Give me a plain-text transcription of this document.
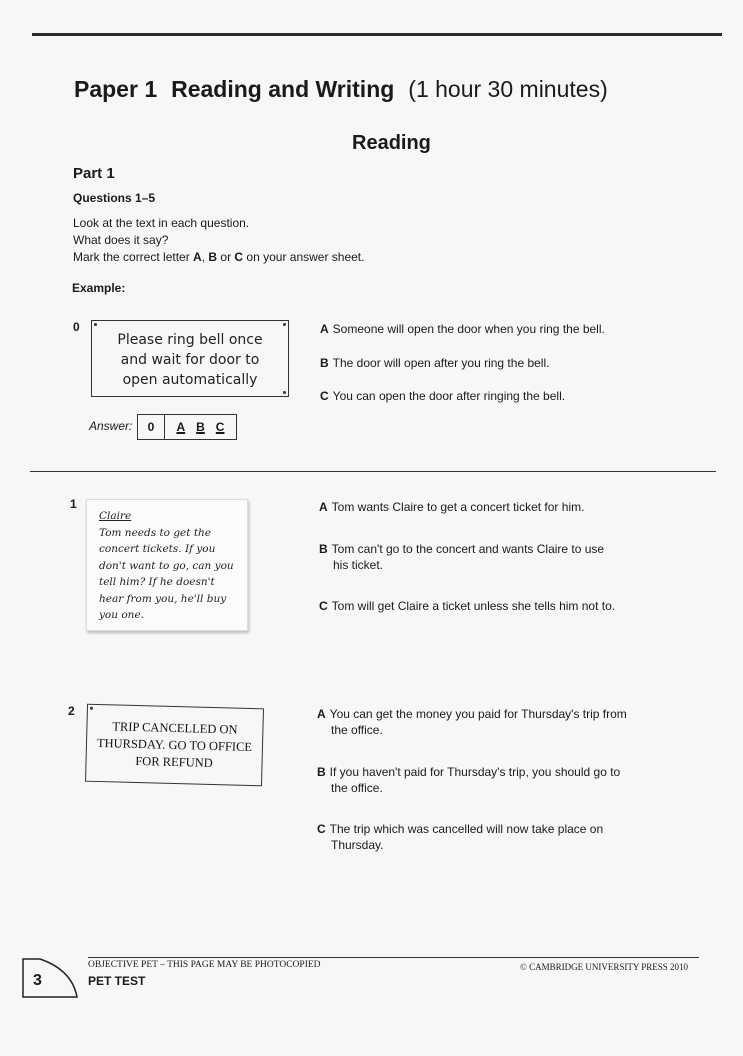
Paper 1 Reading and Writing (1 hour 30 minutes)
Reading
Part 1
Questions 1–5
Look at the text in each question.
What does it say?
Mark the correct letter A, B or C on your answer sheet.
Example:
0
Please ring bell once
and wait for door to
open automatically
A Someone will open the door when you ring the bell.
B The door will open after you ring the bell.
C You can open the door after ringing the bell.
Answer:	0	A B C
1
Claire
Tom needs to get the
concert tickets. If you
don't want to go, can you
tell him? If he doesn't
hear from you, he'll buy
you one.
A Tom wants Claire to get a concert ticket for him.
B Tom can't go to the concert and wants Claire to use
his ticket.
C Tom will get Claire a ticket unless she tells him not to.
2
TRIP CANCELLED ON
THURSDAY. GO TO OFFICE
FOR REFUND
A You can get the money you paid for Thursday's trip from
the office.
B If you haven't paid for Thursday's trip, you should go to
the office.
C The trip which was cancelled will now take place on
Thursday.
OBJECTIVE PET – THIS PAGE MAY BE PHOTOCOPIED	© CAMBRIDGE UNIVERSITY PRESS 2010
PET TEST
3
